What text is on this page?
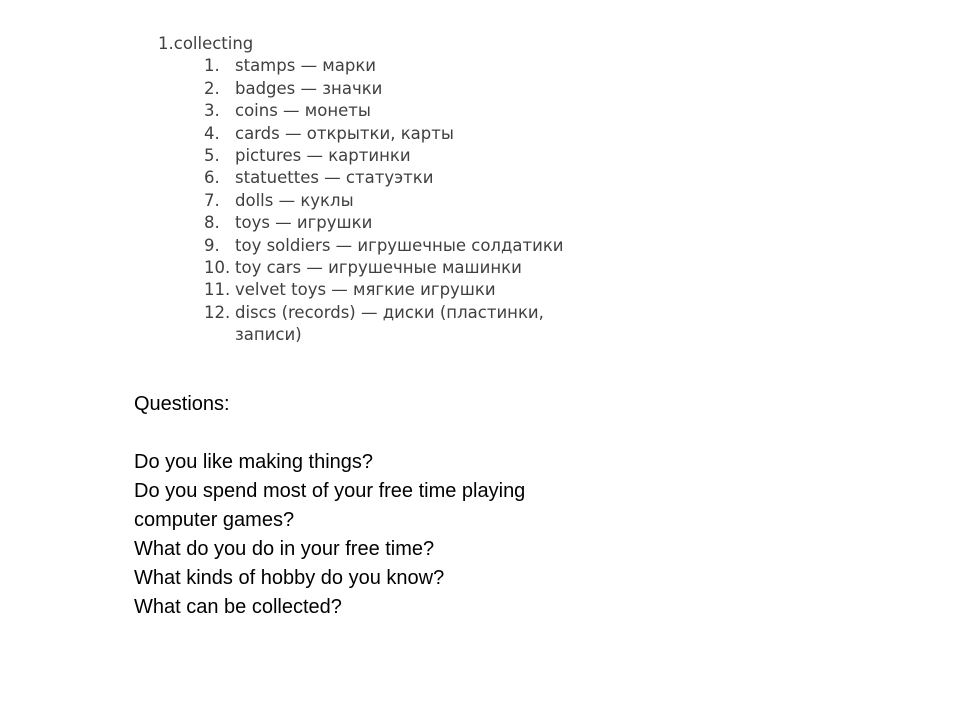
1.collecting

1. stamps — марки
2. badges — значки
3. coins — монеты
4. cards — открытки, карты
5. pictures — картинки
6. statuettes — статуэтки
7. dolls — куклы
8. toys — игрушки
9. toy soldiers — игрушечные солдатики
10. toy cars — игрушечные машинки
11. velvet toys — мягкие игрушки
12. discs (records) — диски (пластинки,
записи)

Questions:

Do you like making things?

Do you spend most of your free time playing

computer games?

What do you do in your free time?

What kinds of hobby do you know?

What can be collected?
